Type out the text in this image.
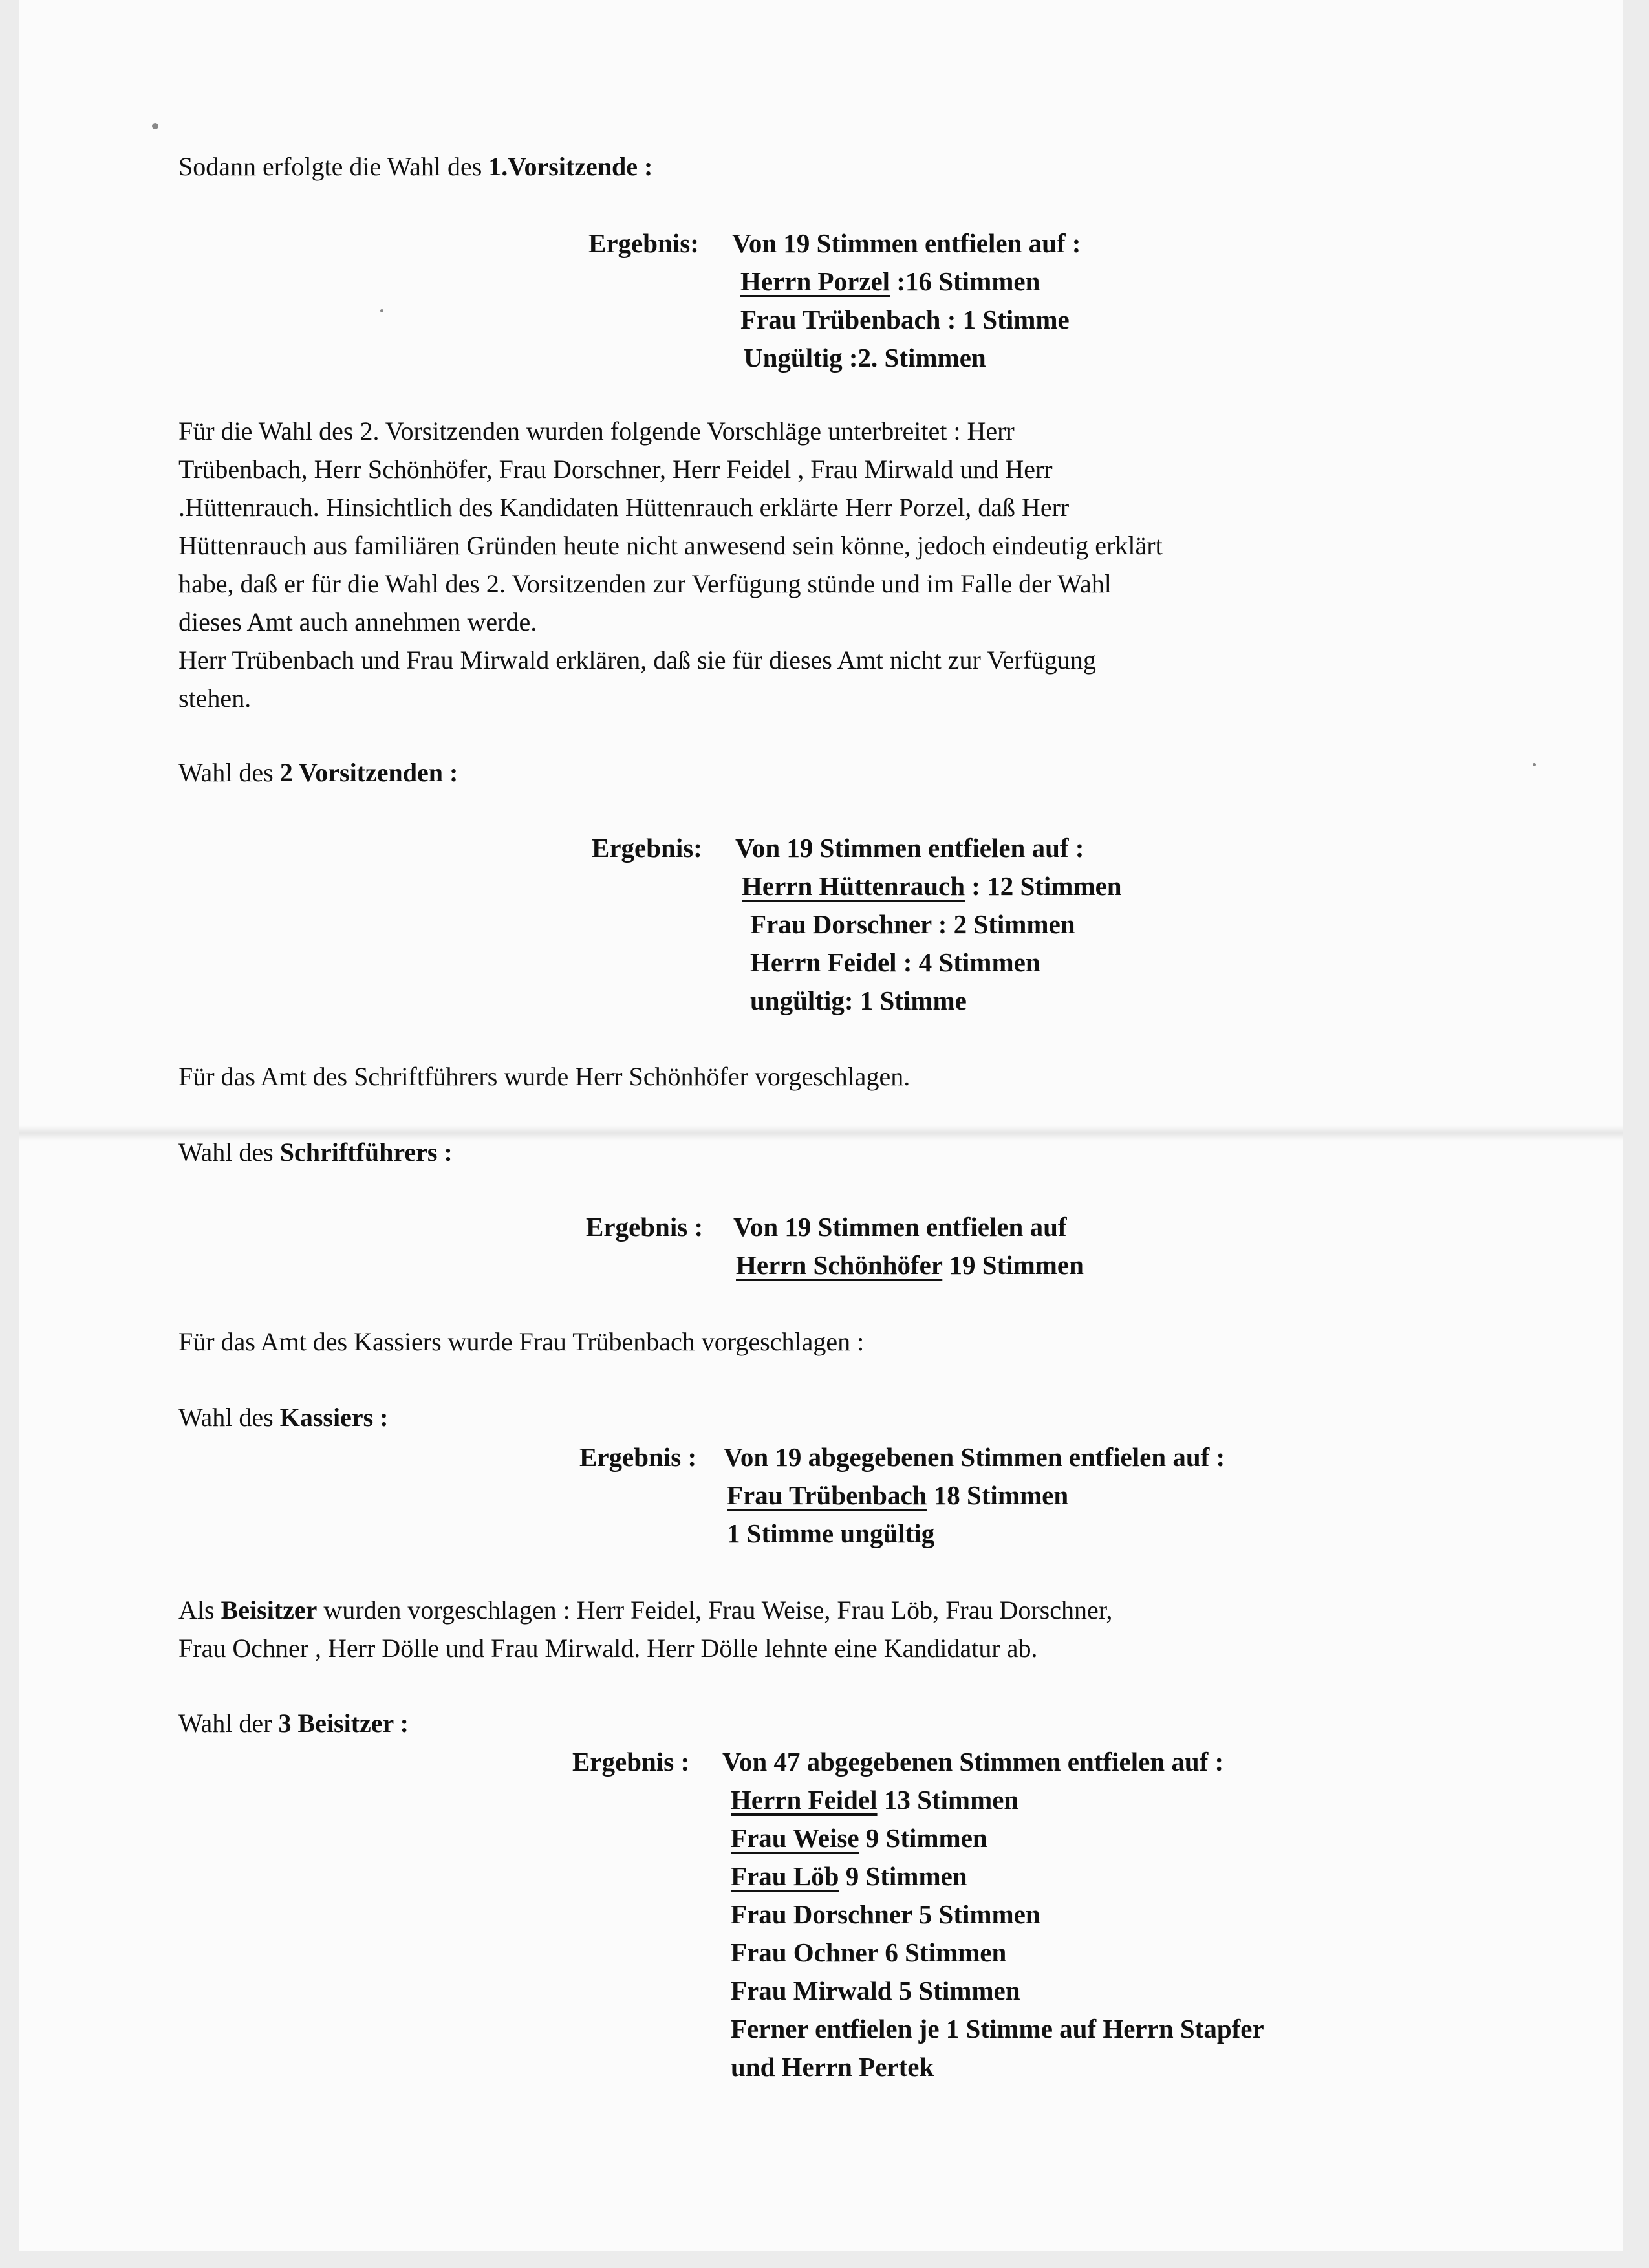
Sodann erfolgte die Wahl des 1.Vorsitzende :

Ergebnis: Von 19 Stimmen entfielen auf :
Herrn Porzel :16 Stimmen
Frau Trübenbach : 1 Stimme
Ungültig :2. Stimmen
Für die Wahl des 2. Vorsitzenden wurden folgende Vorschläge unterbreitet : Herr
Trübenbach, Herr Schönhöfer, Frau Dorschner, Herr Feidel , Frau Mirwald und Herr
.Hüttenrauch. Hinsichtlich des Kandidaten Hüttenrauch erklärte Herr Porzel, daß Herr
Hüttenrauch aus familiären Gründen heute nicht anwesend sein könne, jedoch eindeutig erklärt
habe, daß er für die Wahl des 2. Vorsitzenden zur Verfügung stünde und im Falle der Wahl
dieses Amt auch annehmen werde.
Herr Trübenbach und Frau Mirwald erklären, daß sie für dieses Amt nicht zur Verfügung
stehen.

Wahl des 2 Vorsitzenden :

Ergebnis: Von 19 Stimmen entfielen auf :
Herrn Hüttenrauch : 12 Stimmen
Frau Dorschner : 2 Stimmen
Herrn Feidel : 4 Stimmen
ungültig: 1 Stimme

Für das Amt des Schriftführers wurde Herr Schönhöfer vorgeschlagen.

Wahl des Schriftführers :

Ergebnis : Von 19 Stimmen entfielen auf
Herrn Schönhöfer 19 Stimmen

Für das Amt des Kassiers wurde Frau Trübenbach vorgeschlagen :

Wahl des Kassiers :

Ergebnis : Von 19 abgegebenen Stimmen entfielen auf :
Frau Trübenbach 18 Stimmen
1 Stimme ungültig
Als Beisitzer wurden vorgeschlagen : Herr Feidel, Frau Weise, Frau Löb, Frau Dorschner,
Frau Ochner , Herr Dölle und Frau Mirwald. Herr Dölle lehnte eine Kandidatur ab.

Wahl der 3 Beisitzer :

Ergebnis : Von 47 abgegebenen Stimmen entfielen auf :
Herrn Feidel 13 Stimmen
Frau Weise 9 Stimmen
Frau Löb 9 Stimmen
Frau Dorschner 5 Stimmen
Frau Ochner 6 Stimmen
Frau Mirwald 5 Stimmen
Ferner entfielen je 1 Stimme auf Herrn Stapfer
und Herrn Pertek
